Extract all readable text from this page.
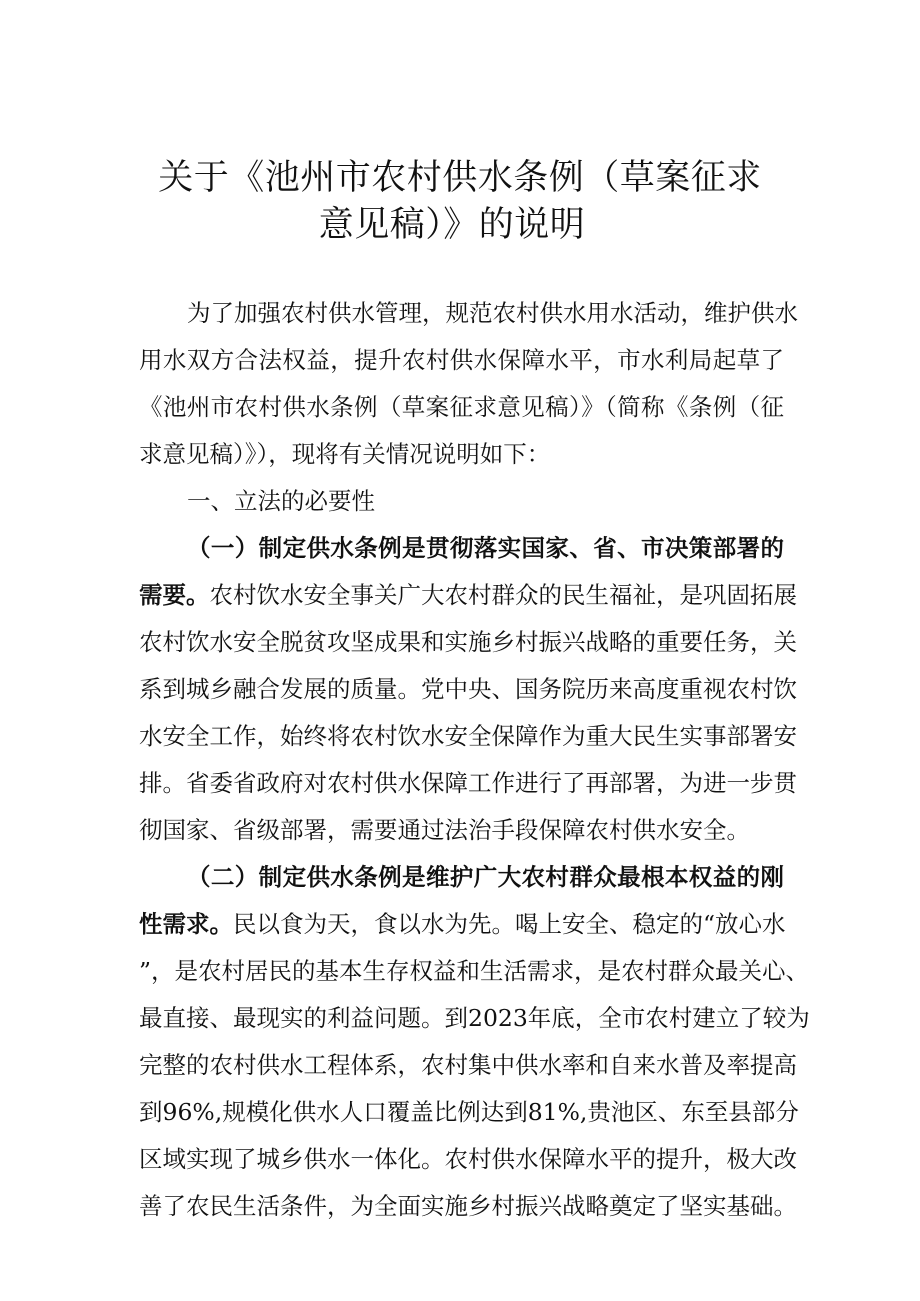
关于《池州市农村供水条例（草案征求
意见稿）》的说明
为了加强农村供水管理，规范农村供水用水活动，维护供水
用水双方合法权益，提升农村供水保障水平，市水利局起草了
《池州市农村供水条例（草案征求意见稿）》（简称《条例（征
求意见稿）》），现将有关情况说明如下：
一、立法的必要性
（一）制定供水条例是贯彻落实国家、省、市决策部署的
需要。农村饮水安全事关广大农村群众的民生福祉，是巩固拓展
农村饮水安全脱贫攻坚成果和实施乡村振兴战略的重要任务，关
系到城乡融合发展的质量。党中央、国务院历来高度重视农村饮
水安全工作，始终将农村饮水安全保障作为重大民生实事部署安
排。省委省政府对农村供水保障工作进行了再部署，为进一步贯
彻国家、省级部署，需要通过法治手段保障农村供水安全。
（二）制定供水条例是维护广大农村群众最根本权益的刚
性需求。民以食为天，食以水为先。喝上安全、稳定的“放心水
”，是农村居民的基本生存权益和生活需求，是农村群众最关心、
最直接、最现实的利益问题。到2023年底，全市农村建立了较为
完整的农村供水工程体系，农村集中供水率和自来水普及率提高
到96%,规模化供水人口覆盖比例达到81%,贵池区、东至县部分
区域实现了城乡供水一体化。农村供水保障水平的提升，极大改
善了农民生活条件，为全面实施乡村振兴战略奠定了坚实基础。
